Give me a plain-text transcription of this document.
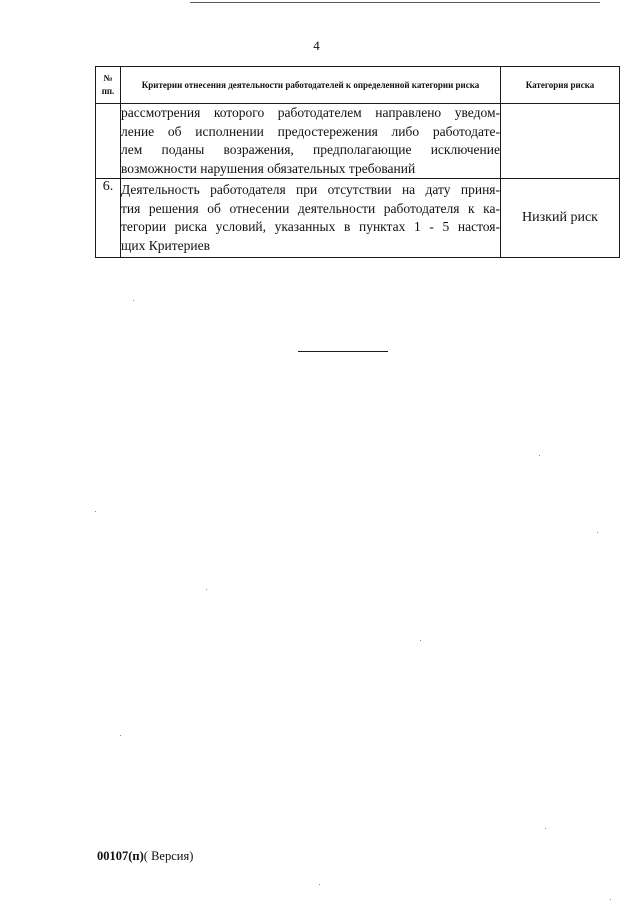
4
№
пп.	Критерии отнесения деятельности работодателей к определенной категории риска	Категория риска

	рассмотрения которого работодателем направлено уведом-
ление об исполнении предостережения либо работодате-
лем поданы возражения, предполагающие исключение
возможности нарушения обязательных требований	

6.	Деятельность работодателя при отсутствии на дату приня-
тия решения об отнесении деятельности работодателя к ка-
тегории риска условий, указанных в пунктах 1 - 5 настоя-
щих Критериев	Низкий риск
00107(п)( Версия)
